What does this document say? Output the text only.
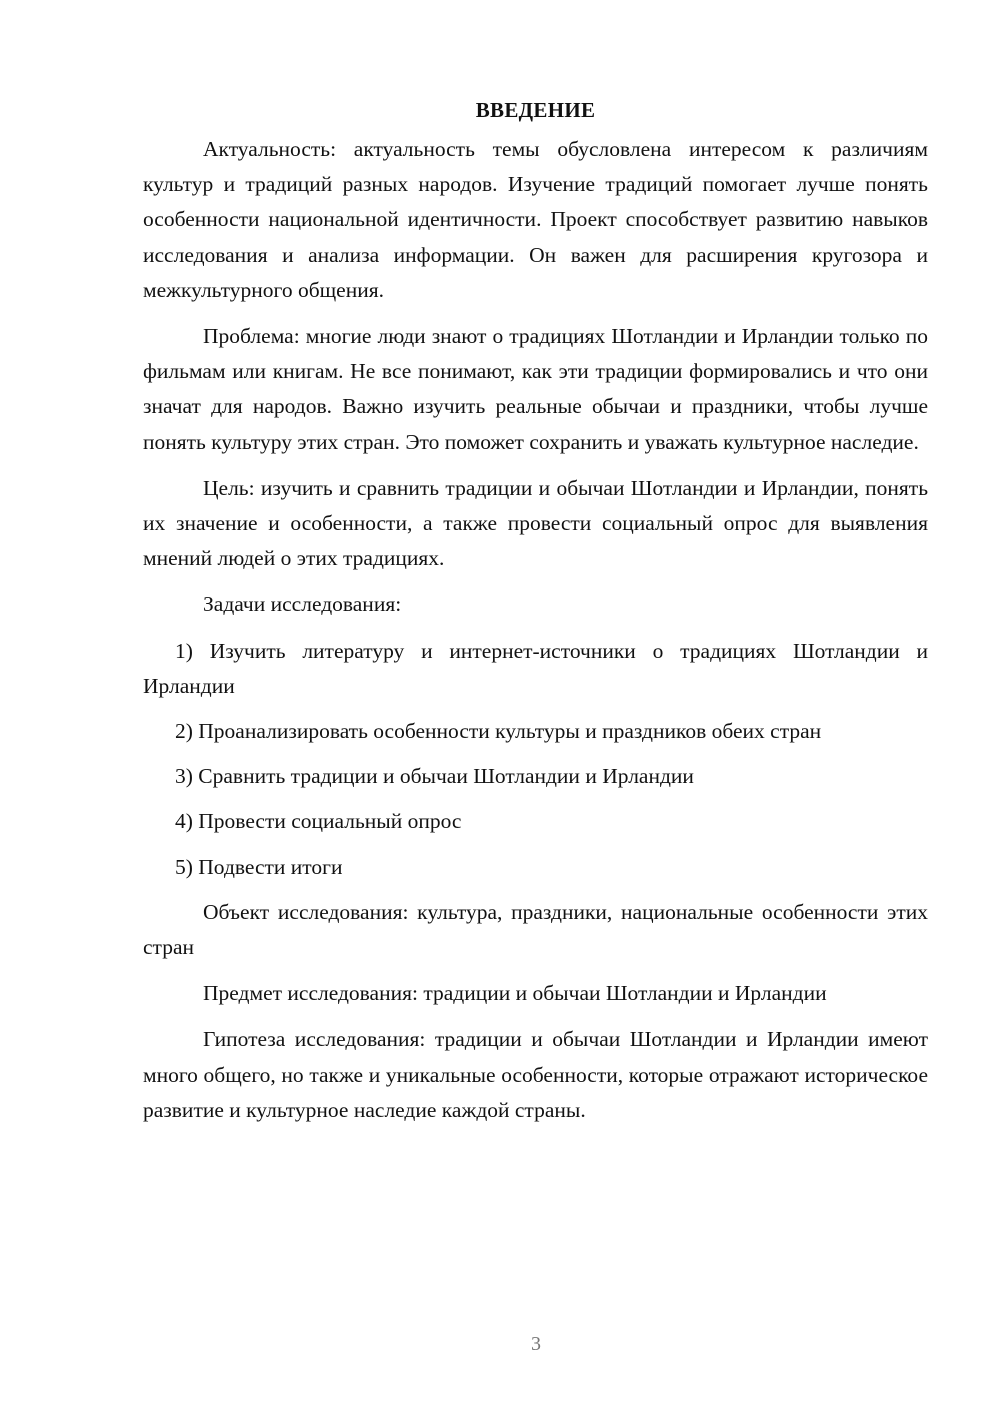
ВВЕДЕНИЕ

Актуальность: актуальность темы обусловлена интересом к различиям культур и традиций разных народов. Изучение традиций помогает лучше понять особенности национальной идентичности. Проект способствует развитию навыков исследования и анализа информации. Он важен для расширения кругозора и межкультурного общения.

Проблема: многие люди знают о традициях Шотландии и Ирландии только по фильмам или книгам. Не все понимают, как эти традиции формировались и что они значат для народов. Важно изучить реальные обычаи и праздники, чтобы лучше понять культуру этих стран. Это поможет сохранить и уважать культурное наследие.

Цель: изучить и сравнить традиции и обычаи Шотландии и Ирландии, понять их значение и особенности, а также провести социальный опрос для выявления мнений людей о этих традициях.

Задачи исследования:

1) Изучить литературу и интернет-источники о традициях Шотландии и Ирландии

2) Проанализировать особенности культуры и праздников обеих стран

3) Сравнить традиции и обычаи Шотландии и Ирландии

4) Провести социальный опрос

5) Подвести итоги

Объект исследования: культура, праздники, национальные особенности этих стран

Предмет исследования: традиции и обычаи Шотландии и Ирландии

Гипотеза исследования: традиции и обычаи Шотландии и Ирландии имеют много общего, но также и уникальные особенности, которые отражают историческое развитие и культурное наследие каждой страны.

3
